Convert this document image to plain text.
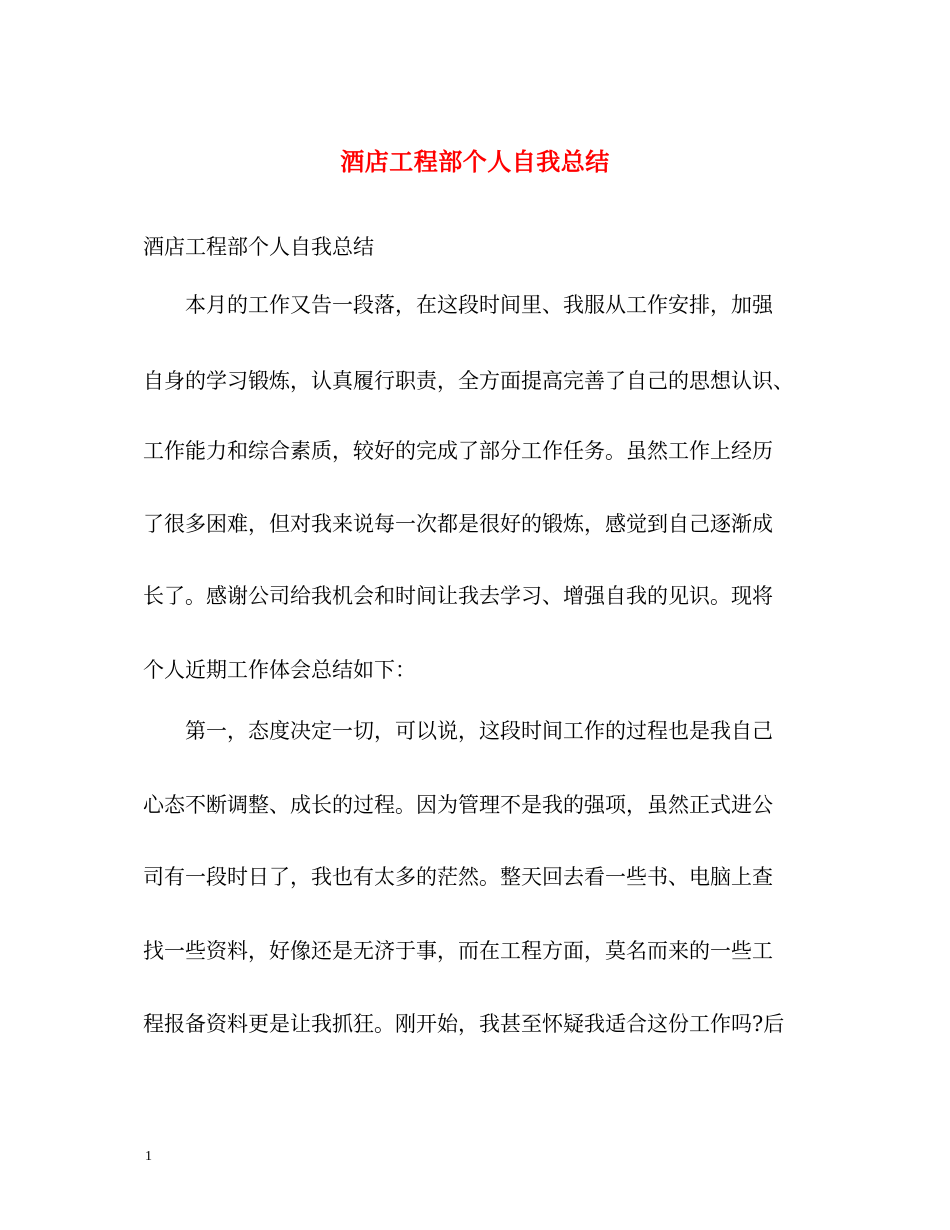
酒店工程部个人自我总结
酒店工程部个人自我总结
　　本月的工作又告一段落，在这段时间里、我服从工作安排，加强
自身的学习锻炼，认真履行职责，全方面提高完善了自己的思想认识、
工作能力和综合素质，较好的完成了部分工作任务。虽然工作上经历
了很多困难，但对我来说每一次都是很好的锻炼，感觉到自己逐渐成
长了。感谢公司给我机会和时间让我去学习、增强自我的见识。现将
个人近期工作体会总结如下：
　　第一，态度决定一切，可以说，这段时间工作的过程也是我自己
心态不断调整、成长的过程。因为管理不是我的强项，虽然正式进公
司有一段时日了，我也有太多的茫然。整天回去看一些书、电脑上查
找一些资料，好像还是无济于事，而在工程方面，莫名而来的一些工
程报备资料更是让我抓狂。刚开始，我甚至怀疑我适合这份工作吗?后
1
